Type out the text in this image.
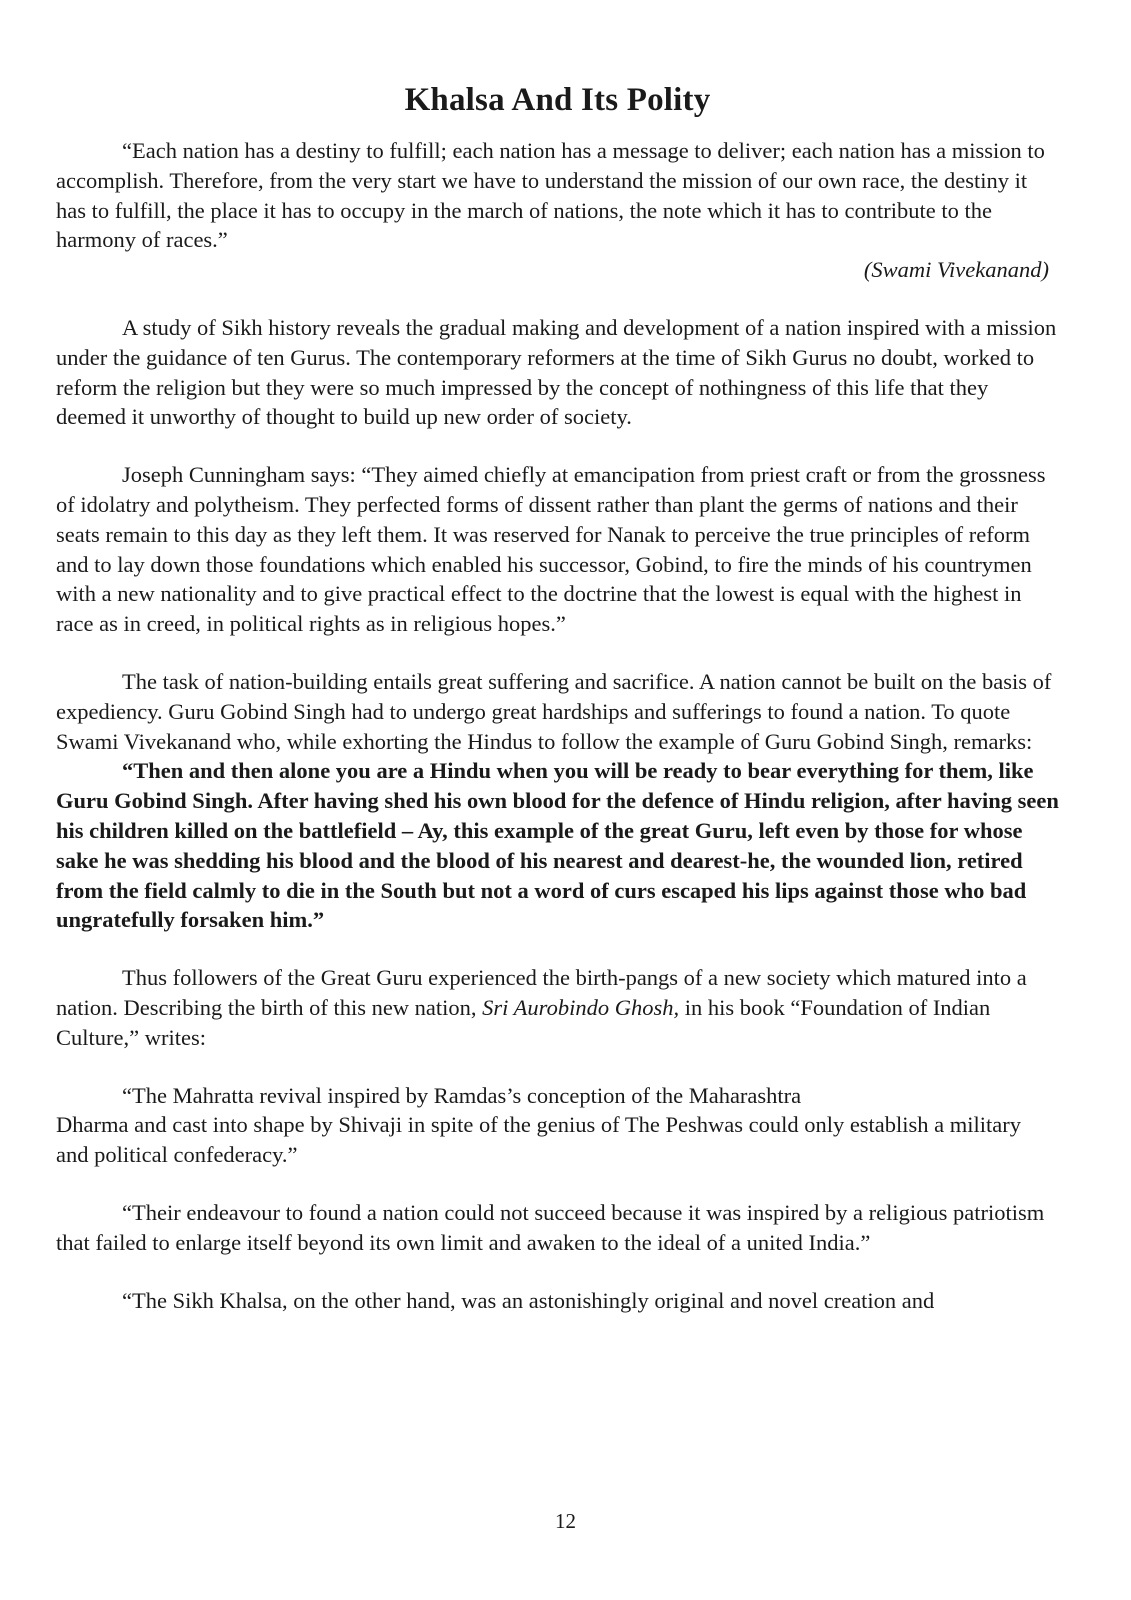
Khalsa And Its Polity

“Each nation has a destiny to fulfill; each nation has a message to deliver; each nation has a mission to accomplish. Therefore, from the very start we have to understand the mission of our own race, the destiny it has to fulfill, the place it has to occupy in the march of nations, the note which it has to contribute to the harmony of races.”

(Swami Vivekanand)

A study of Sikh history reveals the gradual making and development of a nation inspired with a mission under the guidance of ten Gurus. The contemporary reformers at the time of Sikh Gurus no doubt, worked to reform the religion but they were so much impressed by the concept of nothingness of this life that they deemed it unworthy of thought to build up new order of society.

Joseph Cunningham says: “They aimed chiefly at emancipation from priest craft or from the grossness of idolatry and polytheism. They perfected forms of dissent rather than plant the germs of nations and their seats remain to this day as they left them. It was reserved for Nanak to perceive the true principles of reform and to lay down those foundations which enabled his successor, Gobind, to fire the minds of his countrymen with a new nationality and to give practical effect to the doctrine that the lowest is equal with the highest in race as in creed, in political rights as in religious hopes.”

The task of nation-building entails great suffering and sacrifice. A nation cannot be built on the basis of expediency. Guru Gobind Singh had to undergo great hardships and sufferings to found a nation. To quote Swami Vivekanand who, while exhorting the Hindus to follow the example of Guru Gobind Singh, remarks:

“Then and then alone you are a Hindu when you will be ready to bear everything for them, like Guru Gobind Singh. After having shed his own blood for the defence of Hindu religion, after having seen his children killed on the battlefield – Ay, this example of the great Guru, left even by those for whose sake he was shedding his blood and the blood of his nearest and dearest-he, the wounded lion, retired from the field calmly to die in the South but not a word of curs escaped his lips against those who bad ungratefully forsaken him.”

Thus followers of the Great Guru experienced the birth-pangs of a new society which matured into a nation. Describing the birth of this new nation, Sri Aurobindo Ghosh, in his book “Foundation of Indian Culture,” writes:

“The Mahratta revival inspired by Ramdas’s conception of the Maharashtra

Dharma and cast into shape by Shivaji in spite of the genius of The Peshwas could only establish a military and political confederacy.”

“Their endeavour to found a nation could not succeed because it was inspired by a religious patriotism that failed to enlarge itself beyond its own limit and awaken to the ideal of a united India.”

“The Sikh Khalsa, on the other hand, was an astonishingly original and novel creation and

12
